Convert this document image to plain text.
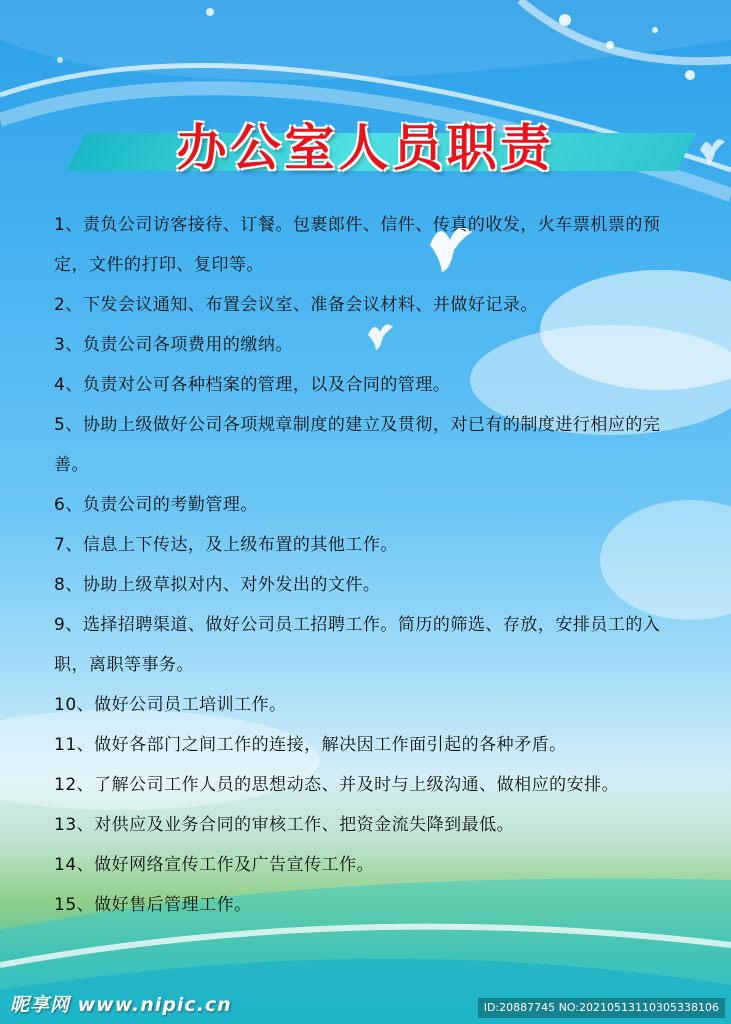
办公室人员职责
1、责负公司访客接待、订餐。包裹郎件、信件、传真的收发，火车票机票的预定，文件的打印、复印等。
2、下发会议通知、布置会议室、准备会议材料、并做好记录。
3、负责公司各项费用的缴纳。
4、负责对公可各种档案的管理，以及合同的管理。
5、协助上级做好公司各项规章制度的建立及贯彻，对已有的制度进行相应的完善。
6、负责公司的考勤管理。
7、信息上下传达，及上级布置的其他工作。
8、协助上级草拟对内、对外发出的文件。
9、选择招聘渠道、做好公司员工招聘工作。简历的筛选、存放，安排员工的入职，离职等事务。
10、做好公司员工培训工作。
11、做好各部门之间工作的连接，解决因工作面引起的各种矛盾。
12、了解公司工作人员的思想动态、并及时与上级沟通、做相应的安排。
13、对供应及业务合同的审核工作、把资金流失降到最低。
14、做好网络宣传工作及广告宣传工作。
15、做好售后管理工作。
昵享网 www.nipic.cn	ID:20887745 NO:20210513110305338106
